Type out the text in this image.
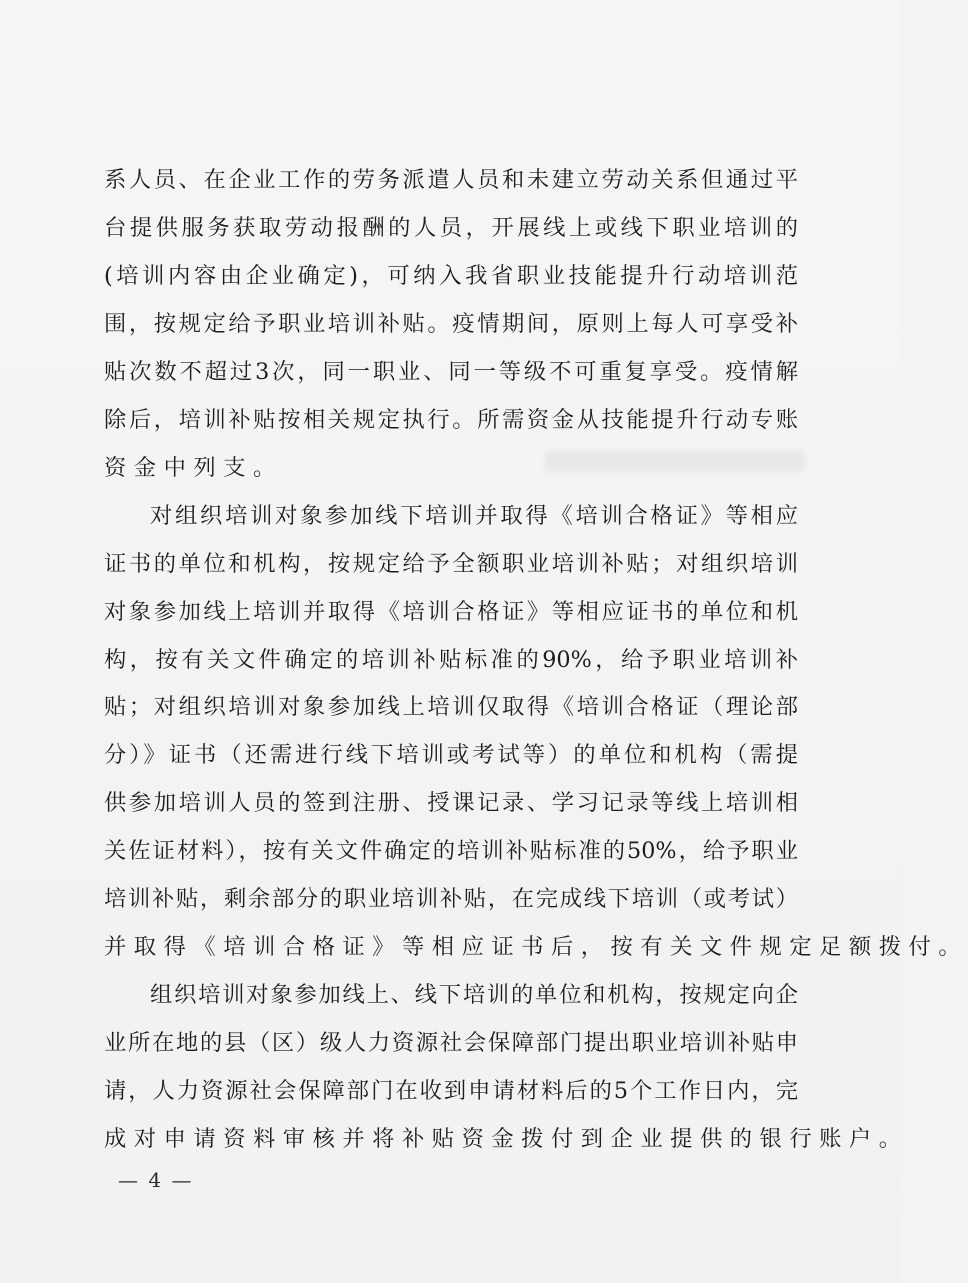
系人员、在企业工作的劳务派遣人员和未建立劳动关系但通过平
台提供服务获取劳动报酬的人员，开展线上或线下职业培训的
(培训内容由企业确定)，可纳入我省职业技能提升行动培训范
围，按规定给予职业培训补贴。疫情期间，原则上每人可享受补
贴次数不超过3次，同一职业、同一等级不可重复享受。疫情解
除后，培训补贴按相关规定执行。所需资金从技能提升行动专账
资金中列支。
对组织培训对象参加线下培训并取得《培训合格证》等相应
证书的单位和机构，按规定给予全额职业培训补贴；对组织培训
对象参加线上培训并取得《培训合格证》等相应证书的单位和机
构，按有关文件确定的培训补贴标准的90%，给予职业培训补
贴；对组织培训对象参加线上培训仅取得《培训合格证（理论部
分）》证书（还需进行线下培训或考试等）的单位和机构（需提
供参加培训人员的签到注册、授课记录、学习记录等线上培训相
关佐证材料），按有关文件确定的培训补贴标准的50%，给予职业
培训补贴，剩余部分的职业培训补贴，在完成线下培训（或考试）
并取得《培训合格证》等相应证书后，按有关文件规定足额拨付。
组织培训对象参加线上、线下培训的单位和机构，按规定向企
业所在地的县（区）级人力资源社会保障部门提出职业培训补贴申
请，人力资源社会保障部门在收到申请材料后的5个工作日内，完
成对申请资料审核并将补贴资金拨付到企业提供的银行账户。
— 4 —
